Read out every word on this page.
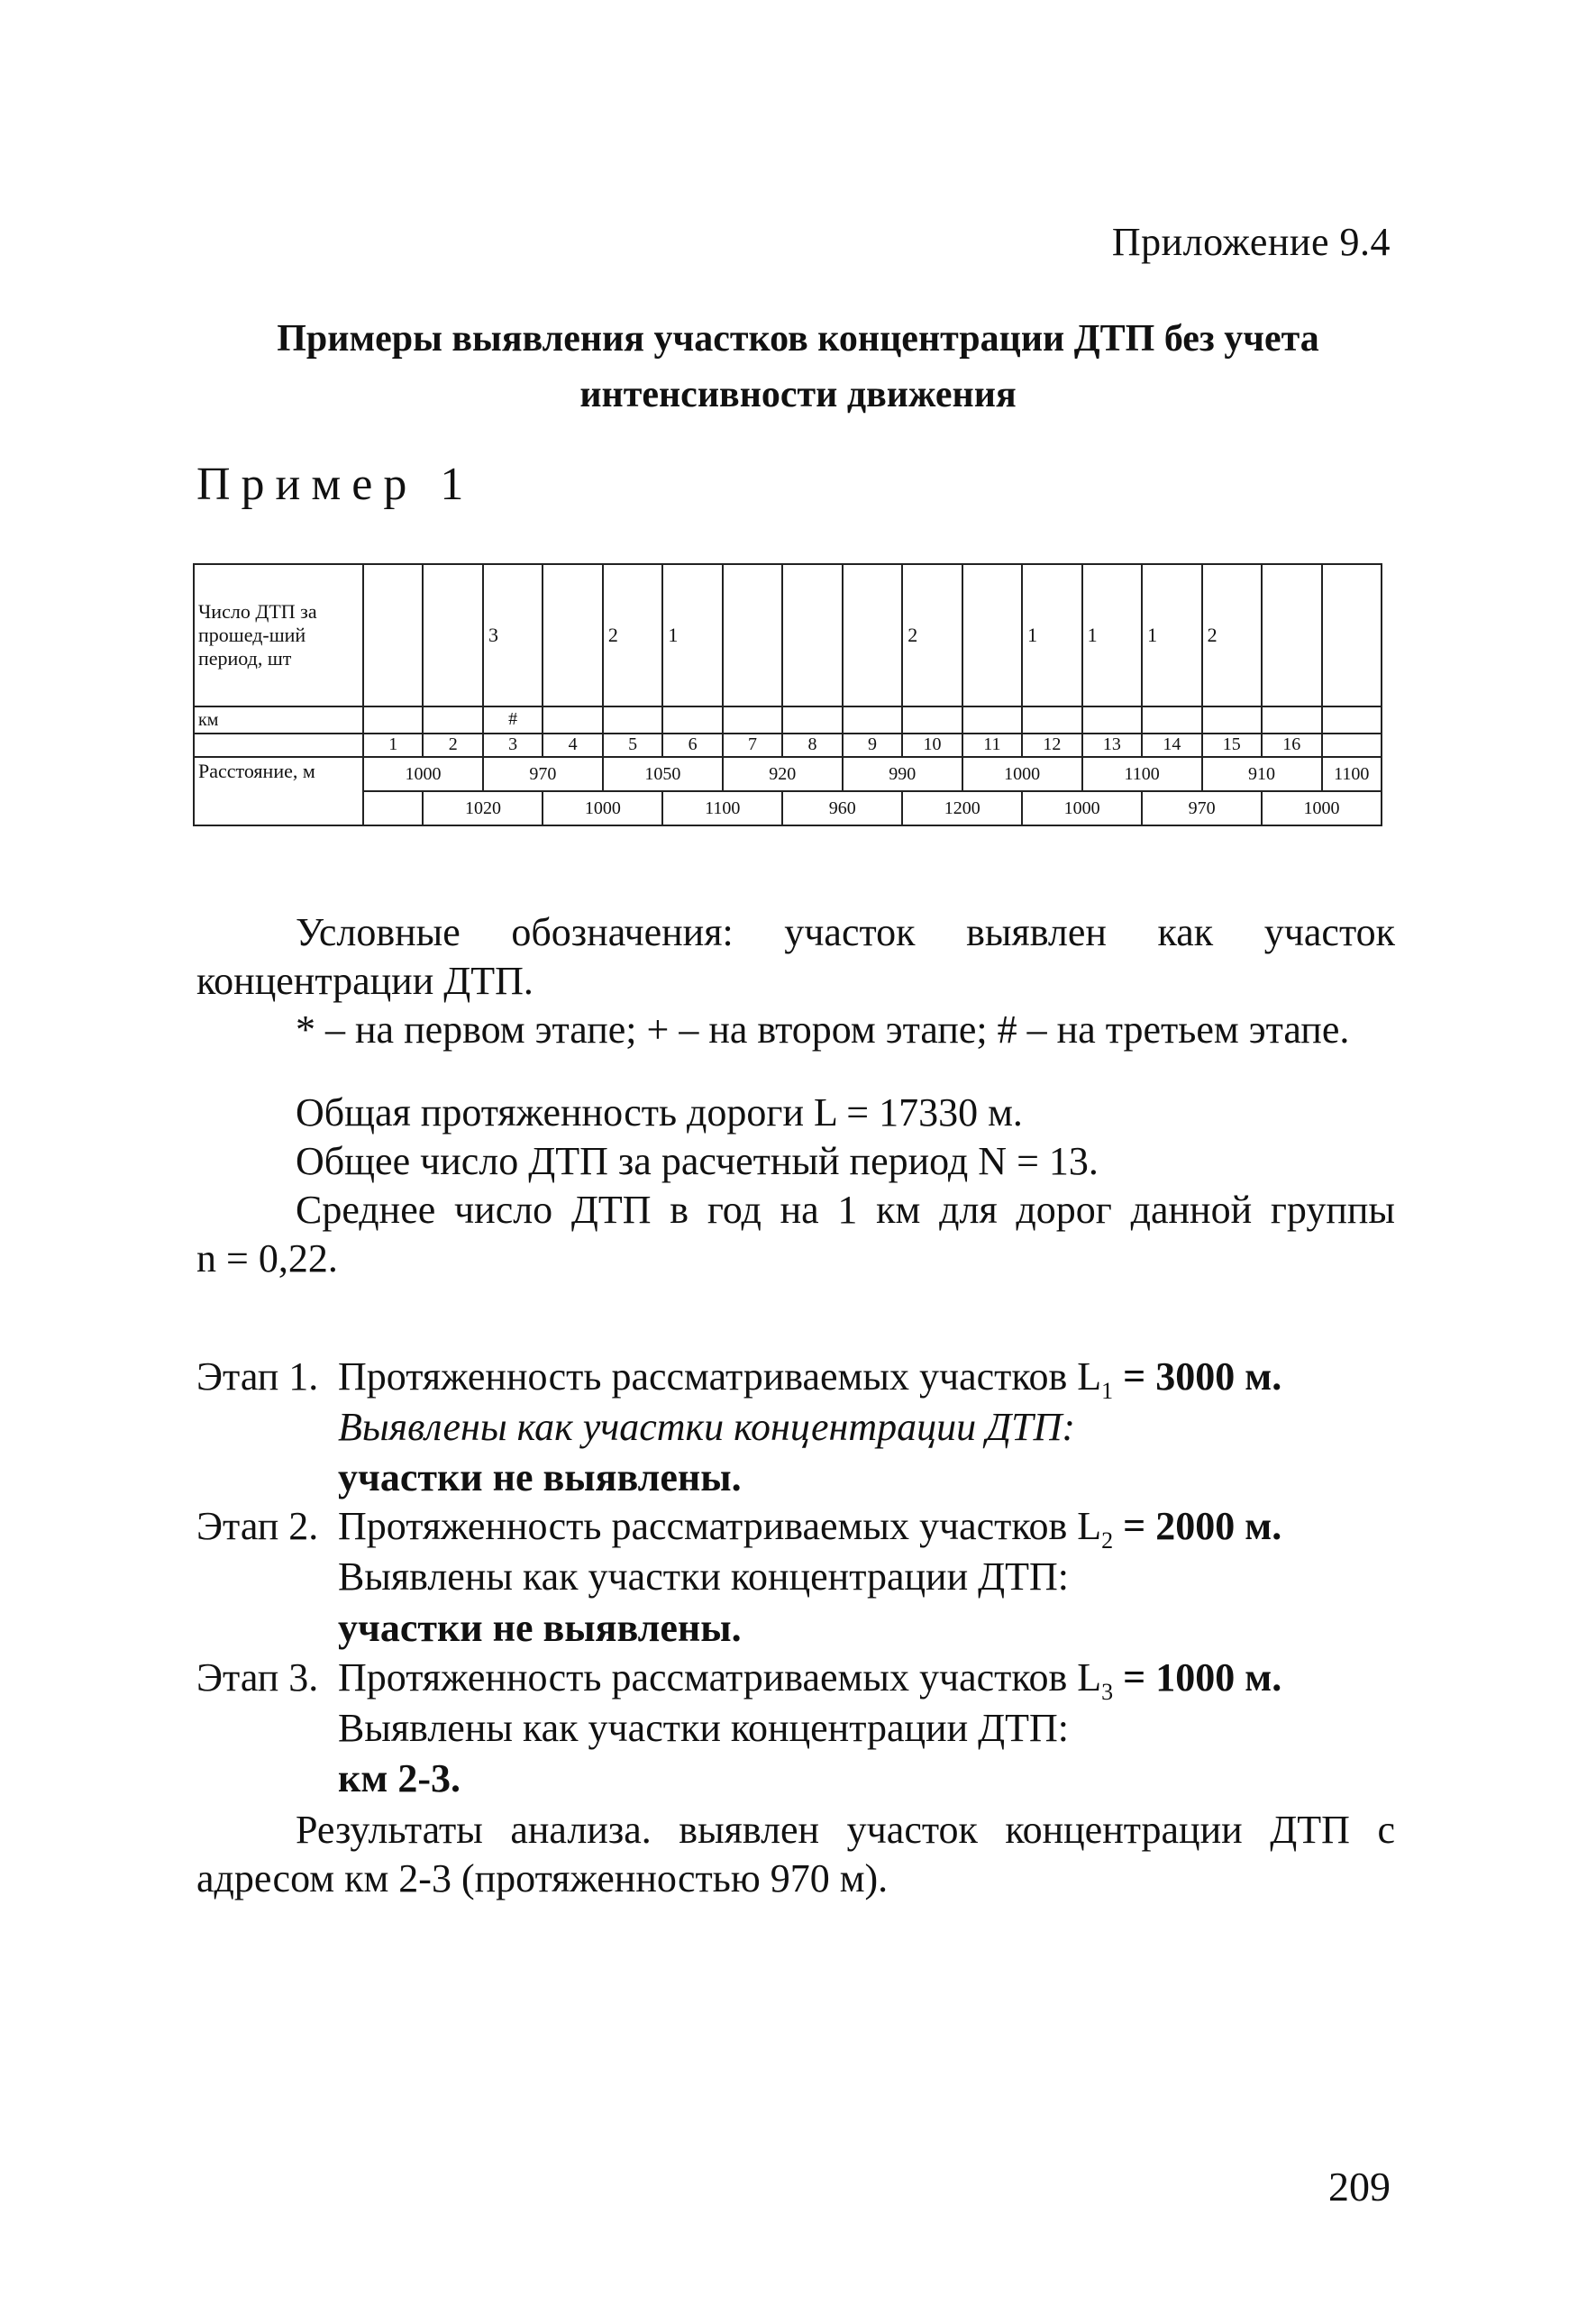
Приложение 9.4
Примеры выявления участков концентрации ДТП без учета
интенсивности движения
Пример 1
Число ДТП за прошед-ший период, шт			3		2	1				2		1	1	1	2		
км			#														
	1	2	3	4	5	6	7	8	9	10	11	12	13	14	15	16	
Расстояние, м	1000		970		1050		920		990		1000		1100		910		1100
		1020		1000		1100		960		1200		1000		970		1000	
Условные обозначения: участок выявлен как участок
концентрации ДТП.
* – на первом этапе; + – на втором этапе; # – на третьем этапе.
Общая протяженность дороги L = 17330 м.
Общее число ДТП за расчетный период N = 13.
Среднее число ДТП в год на 1 км для дорог данной группы
n = 0,22.
Этап 1. Протяженность рассматриваемых участков $L_1 = 3000$ м.
Выявлены как участки концентрации ДТП:
участки не выявлены.
Этап 2. Протяженность рассматриваемых участков $L_2 = 2000$ м.
Выявлены как участки концентрации ДТП:
участки не выявлены.
Этап 3. Протяженность рассматриваемых участков $L_3 = 1000$ м.
Выявлены как участки концентрации ДТП:
км 2-3.
Результаты анализа. выявлен участок концентрации ДТП с
адресом км 2-3 (протяженностью 970 м).
209
